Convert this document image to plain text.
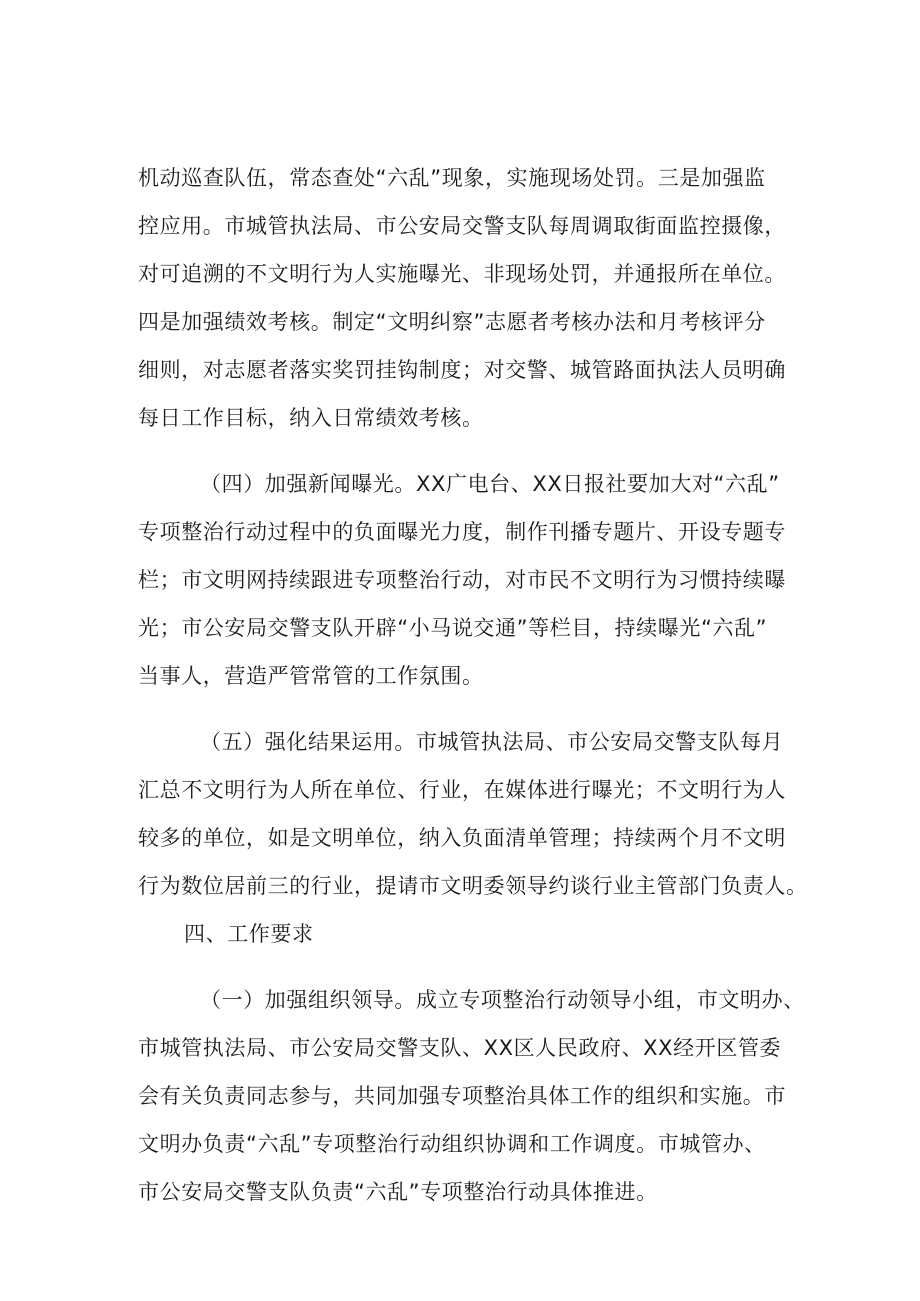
机动巡查队伍，常态查处“六乱”现象，实施现场处罚。三是加强监
控应用。市城管执法局、市公安局交警支队每周调取街面监控摄像，
对可追溯的不文明行为人实施曝光、非现场处罚，并通报所在单位。
四是加强绩效考核。制定“文明纠察”志愿者考核办法和月考核评分
细则，对志愿者落实奖罚挂钩制度；对交警、城管路面执法人员明确
每日工作目标，纳入日常绩效考核。
（四）加强新闻曝光。XX广电台、XX日报社要加大对“六乱”
专项整治行动过程中的负面曝光力度，制作刊播专题片、开设专题专
栏；市文明网持续跟进专项整治行动，对市民不文明行为习惯持续曝
光；市公安局交警支队开辟“小马说交通”等栏目，持续曝光“六乱”
当事人，营造严管常管的工作氛围。
（五）强化结果运用。市城管执法局、市公安局交警支队每月
汇总不文明行为人所在单位、行业，在媒体进行曝光；不文明行为人
较多的单位，如是文明单位，纳入负面清单管理；持续两个月不文明
行为数位居前三的行业，提请市文明委领导约谈行业主管部门负责人。
四、工作要求
（一）加强组织领导。成立专项整治行动领导小组，市文明办、
市城管执法局、市公安局交警支队、XX区人民政府、XX经开区管委
会有关负责同志参与，共同加强专项整治具体工作的组织和实施。市
文明办负责“六乱”专项整治行动组织协调和工作调度。市城管办、
市公安局交警支队负责“六乱”专项整治行动具体推进。
